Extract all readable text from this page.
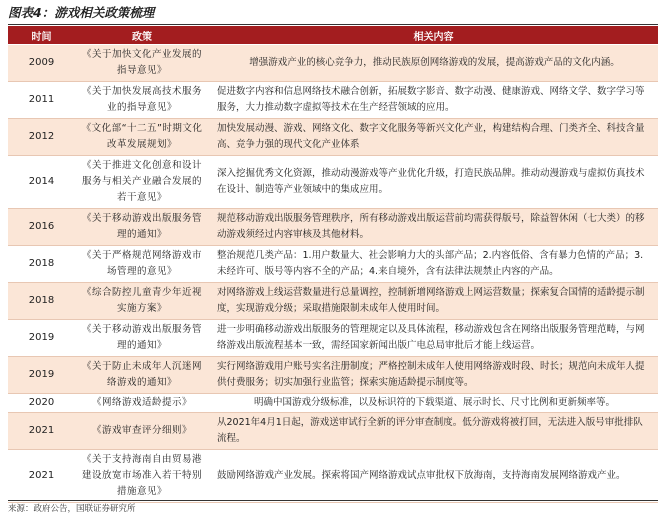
图表4：游戏相关政策梳理
时间	政策	相关内容
2009	《关于加快文化产业发展的指导意见》	增强游戏产业的核心竞争力，推动民族原创网络游戏的发展，提高游戏产品的文化内涵。
2011	《关于加快发展高技术服务业的指导意见》	促进数字内容和信息网络技术融合创新，拓展数字影音、数字动漫、健康游戏、网络文学、数字学习等服务，大力推动数字虚拟等技术在生产经营领域的应用。
2012	《文化部“十二五”时期文化改革发展规划》	加快发展动漫、游戏、网络文化、数字文化服务等新兴文化产业，构建结构合理、门类齐全、科技含量高、竞争力强的现代文化产业体系
2014	《关于推进文化创意和设计服务与相关产业融合发展的若干意见》	深入挖掘优秀文化资源，推动动漫游戏等产业优化升级，打造民族品牌。推动动漫游戏与虚拟仿真技术在设计、制造等产业领域中的集成应用。
2016	《关于移动游戏出版服务管理的通知》	规范移动游戏出版服务管理秩序，所有移动游戏出版运营前均需获得版号，除益智休闲（七大类）的移动游戏须经过内容审核及其他材料。
2018	《关于严格规范网络游戏市场管理的意见》	整治规范几类产品：1.用户数量大、社会影响力大的头部产品；2.内容低俗、含有暴力色情的产品；3.未经许可、版号等内容不全的产品；4.来自境外，含有法律法规禁止内容的产品。
2018	《综合防控儿童青少年近视实施方案》	对网络游戏上线运营数量进行总量调控，控制新增网络游戏上网运营数量；探索复合国情的适龄提示制度，实现游戏分级；采取措施限制未成年人使用时间。
2019	《关于移动游戏出版服务管理的通知》	进一步明确移动游戏出版服务的管理规定以及具体流程，移动游戏包含在网络出版服务管理范畴，与网络游戏出版流程基本一致，需经国家新闻出版广电总局审批后才能上线运营。
2019	《关于防止未成年人沉迷网络游戏的通知》	实行网络游戏用户账号实名注册制度；严格控制未成年人使用网络游戏时段、时长；规范向未成年人提供付费服务；切实加强行业监管；探索实施适龄提示制度等。
2020	《网络游戏适龄提示》	明确中国游戏分级标准，以及标识符的下载渠道、展示时长、尺寸比例和更新频率等。
2021	《游戏审查评分细则》	从2021年4月1日起，游戏送审试行全新的评分审查制度。低分游戏将被打回，无法进入版号审批排队流程。
2021	《关于支持海南自由贸易港建设放宽市场准入若干特别措施意见》	鼓励网络游戏产业发展。探索将国产网络游戏试点审批权下放海南，支持海南发展网络游戏产业。
来源：政府公告，国联证券研究所
